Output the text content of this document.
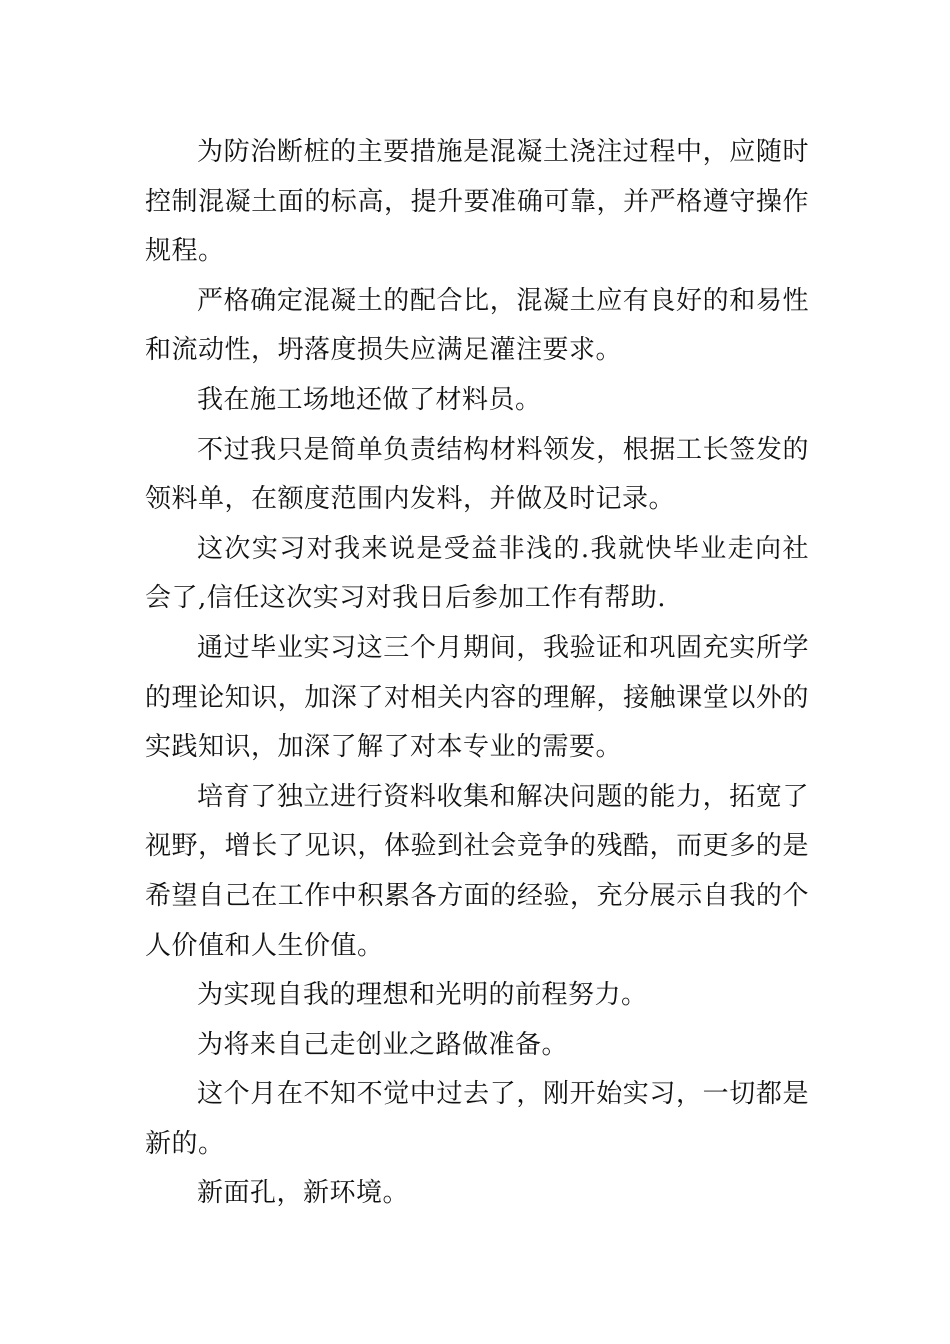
为防治断桩的主要措施是混凝土浇注过程中，应随时控制混凝土面的标高，提升要准确可靠，并严格遵守操作规程。

严格确定混凝土的配合比，混凝土应有良好的和易性和流动性，坍落度损失应满足灌注要求。

我在施工场地还做了材料员。

不过我只是简单负责结构材料领发，根据工长签发的领料单，在额度范围内发料，并做及时记录。

这次实习对我来说是受益非浅的.我就快毕业走向社会了,信任这次实习对我日后参加工作有帮助.

通过毕业实习这三个月期间，我验证和巩固充实所学的理论知识，加深了对相关内容的理解，接触课堂以外的实践知识，加深了解了对本专业的需要。

培育了独立进行资料收集和解决问题的能力，拓宽了视野，增长了见识，体验到社会竞争的残酷，而更多的是希望自己在工作中积累各方面的经验，充分展示自我的个人价值和人生价值。

为实现自我的理想和光明的前程努力。

为将来自己走创业之路做准备。

这个月在不知不觉中过去了，刚开始实习，一切都是新的。

新面孔，新环境。
